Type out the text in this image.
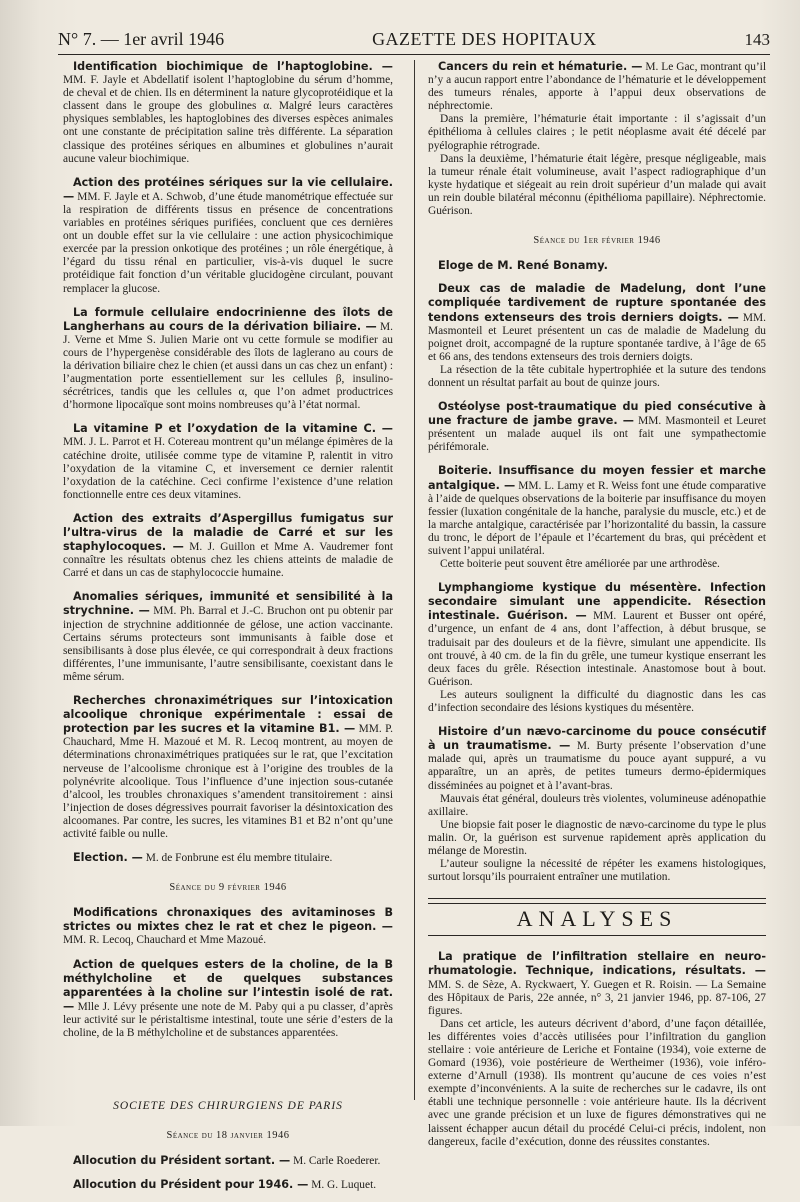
N° 7. — 1er avril 1946	GAZETTE DES HOPITAUX	143

Identification biochimique de l’haptoglobine. — MM. F. Jayle et Abdellatif isolent l’haptoglobine du sérum d’homme, de cheval et de chien. Ils en déterminent la nature glycoprotéidique et la classent dans le groupe des globulines α. Malgré leurs caractères physiques semblables, les haptoglobines des diverses espèces animales ont une constante de précipitation saline très différente. La séparation classique des protéines sériques en albumines et globulines n’aurait aucune valeur biochimique.

Action des protéines sériques sur la vie cellulaire. — MM. F. Jayle et A. Schwob, d’une étude manométrique effectuée sur la respiration de différents tissus en présence de concentrations variables en protéines sériques purifiées, concluent que ces dernières ont un double effet sur la vie cellulaire : une action physicochimique exercée par la pression onkotique des protéines ; un rôle énergétique, à l’égard du tissu rénal en particulier, vis-à-vis duquel le sucre protéidique fait fonction d’un véritable glucidogène circulant, pouvant remplacer la glucose.

La formule cellulaire endocrinienne des îlots de Langherhans au cours de la dérivation biliaire. — M. J. Verne et Mme S. Julien Marie ont vu cette formule se modifier au cours de l’hypergenèse considérable des îlots de laglerano au cours de la dérivation biliaire chez le chien (et aussi dans un cas chez un enfant) : l’augmentation porte essentiellement sur les cellules β, insulino-sécrétrices, tandis que les cellules α, que l’on admet productrices d’hormone lipocaïque sont moins nombreuses qu’à l’état normal.

La vitamine P et l’oxydation de la vitamine C. — MM. J. L. Parrot et H. Cotereau montrent qu’un mélange épimères de la catéchine droite, utilisée comme type de vitamine P, ralentit in vitro l’oxydation de la vitamine C, et inversement ce dernier ralentit l’oxydation de la catéchine. Ceci confirme l’existence d’une relation fonctionnelle entre ces deux vitamines.

Action des extraits d’Aspergillus fumigatus sur l’ultra-virus de la maladie de Carré et sur les staphylocoques. — M. J. Guillon et Mme A. Vaudremer font connaître les résultats obtenus chez les chiens atteints de maladie de Carré et dans un cas de staphylococcie humaine.

Anomalies sériques, immunité et sensibilité à la strychnine. — MM. Ph. Barral et J.-C. Bruchon ont pu obtenir par injection de strychnine additionnée de gélose, une action vaccinante. Certains sérums protecteurs sont immunisants à faible dose et sensibilisants à dose plus élevée, ce qui correspondrait à deux fractions différentes, l’une immunisante, l’autre sensibilisante, coexistant dans le même sérum.

Recherches chronaximétriques sur l’intoxication alcoolique chronique expérimentale : essai de protection par les sucres et la vitamine B1. — MM. P. Chauchard, Mme H. Mazoué et M. R. Lecoq montrent, au moyen de déterminations chronaximétriques pratiquées sur le rat, que l’excitation nerveuse de l’alcoolisme chronique est à l’origine des troubles de la polynévrite alcoolique. Tous l’influence d’une injection sous-cutanée d’alcool, les troubles chronaxiques s’amendent transitoirement : ainsi l’injection de doses dégressives pourrait favoriser la désintoxication des alcoomanes. Par contre, les sucres, les vitamines B1 et B2 n’ont qu’une activité faible ou nulle.

Election. — M. de Fonbrune est élu membre titulaire.

Séance du 9 février 1946

Modifications chronaxiques des avitaminoses B strictes ou mixtes chez le rat et chez le pigeon. — MM. R. Lecoq, Chauchard et Mme Mazoué.

Action de quelques esters de la choline, de la B méthylcholine et de quelques substances apparentées à la choline sur l’intestin isolé de rat. — Mlle J. Lévy présente une note de M. Paby qui a pu classer, d’après leur activité sur le péristaltisme intestinal, toute une série d’esters de la choline, de la B méthylcholine et de substances apparentées.

SOCIETE DES CHIRURGIENS DE PARIS
Séance du 18 janvier 1946

Allocution du Président sortant. — M. Carle Roederer.

Allocution du Président pour 1946. — M. G. Luquet.

Cancers du rein et hématurie. — M. Le Gac, montrant qu’il n’y a aucun rapport entre l’abondance de l’hématurie et le développement des tumeurs rénales, apporte à l’appui deux observations de néphrectomie.

Dans la première, l’hématurie était importante : il s’agissait d’un épithélioma à cellules claires ; le petit néoplasme avait été décelé par pyélographie rétrograde.

Dans la deuxième, l’hématurie était légère, presque négligeable, mais la tumeur rénale était volumineuse, avait l’aspect radiographique d’un kyste hydatique et siégeait au rein droit supérieur d’un malade qui avait un rein double bilatéral méconnu (épithélioma papillaire). Néphrectomie. Guérison.

Séance du 1er février 1946
Eloge de M. René Bonamy.

Deux cas de maladie de Madelung, dont l’une compliquée tardivement de rupture spontanée des tendons extenseurs des trois derniers doigts. — MM. Masmonteil et Leuret présentent un cas de maladie de Madelung du poignet droit, accompagné de la rupture spontanée tardive, à l’âge de 65 et 66 ans, des tendons extenseurs des trois derniers doigts.

La résection de la tête cubitale hypertrophiée et la suture des tendons donnent un résultat parfait au bout de quinze jours.

Ostéolyse post-traumatique du pied consécutive à une fracture de jambe grave. — MM. Masmonteil et Leuret présentent un malade auquel ils ont fait une sympathectomie périfémorale.

Boiterie. Insuffisance du moyen fessier et marche antalgique. — MM. L. Lamy et R. Weiss font une étude comparative à l’aide de quelques observations de la boiterie par insuffisance du moyen fessier (luxation congénitale de la hanche, paralysie du muscle, etc.) et de la marche antalgique, caractérisée par l’horizontalité du bassin, la cassure du tronc, le déport de l’épaule et l’écartement du bras, qui précèdent et suivent l’appui unilatéral.

Cette boiterie peut souvent être améliorée par une arthrodèse.

Lymphangiome kystique du mésentère. Infection secondaire simulant une appendicite. Résection intestinale. Guérison. — MM. Laurent et Busser ont opéré, d’urgence, un enfant de 4 ans, dont l’affection, à début brusque, se traduisait par des douleurs et de la fièvre, simulant une appendicite. Ils ont trouvé, à 40 cm. de la fin du grêle, une tumeur kystique enserrant les deux faces du grêle. Résection intestinale. Anastomose bout à bout. Guérison.

Les auteurs soulignent la difficulté du diagnostic dans les cas d’infection secondaire des lésions kystiques du mésentère.

Histoire d’un nævo-carcinome du pouce consécutif à un traumatisme. — M. Burty présente l’observation d’une malade qui, après un traumatisme du pouce ayant suppuré, a vu apparaître, un an après, de petites tumeurs dermo-épidermiques disséminées au poignet et à l’avant-bras.

Mauvais état général, douleurs très violentes, volumineuse adénopathie axillaire.

Une biopsie fait poser le diagnostic de nævo-carcinome du type le plus malin. Or, la guérison est survenue rapidement après application du mélange de Morestin.

L’auteur souligne la nécessité de répéter les examens histologiques, surtout lorsqu’ils pourraient entraîner une mutilation.

ANALYSES

La pratique de l’infiltration stellaire en neuro-rhumatologie. Technique, indications, résultats. — MM. S. de Sèze, A. Ryckwaert, Y. Guegen et R. Roisin. — La Semaine des Hôpitaux de Paris, 22e année, n° 3, 21 janvier 1946, pp. 87-106, 27 figures.

Dans cet article, les auteurs décrivent d’abord, d’une façon détaillée, les différentes voies d’accès utilisées pour l’infiltration du ganglion stellaire : voie antérieure de Leriche et Fontaine (1934), voie externe de Gomard (1936), voie postérieure de Wertheimer (1936), voie inféro-externe d’Arnull (1938). Ils montrent qu’aucune de ces voies n’est exempte d’inconvénients. A la suite de recherches sur le cadavre, ils ont établi une technique personnelle : voie antérieure haute. Ils la décrivent avec une grande précision et un luxe de figures démonstratives qui ne laissent échapper aucun détail du procédé Celui-ci précis, indolent, non dangereux, facile d’exécution, donne des réussites constantes.
